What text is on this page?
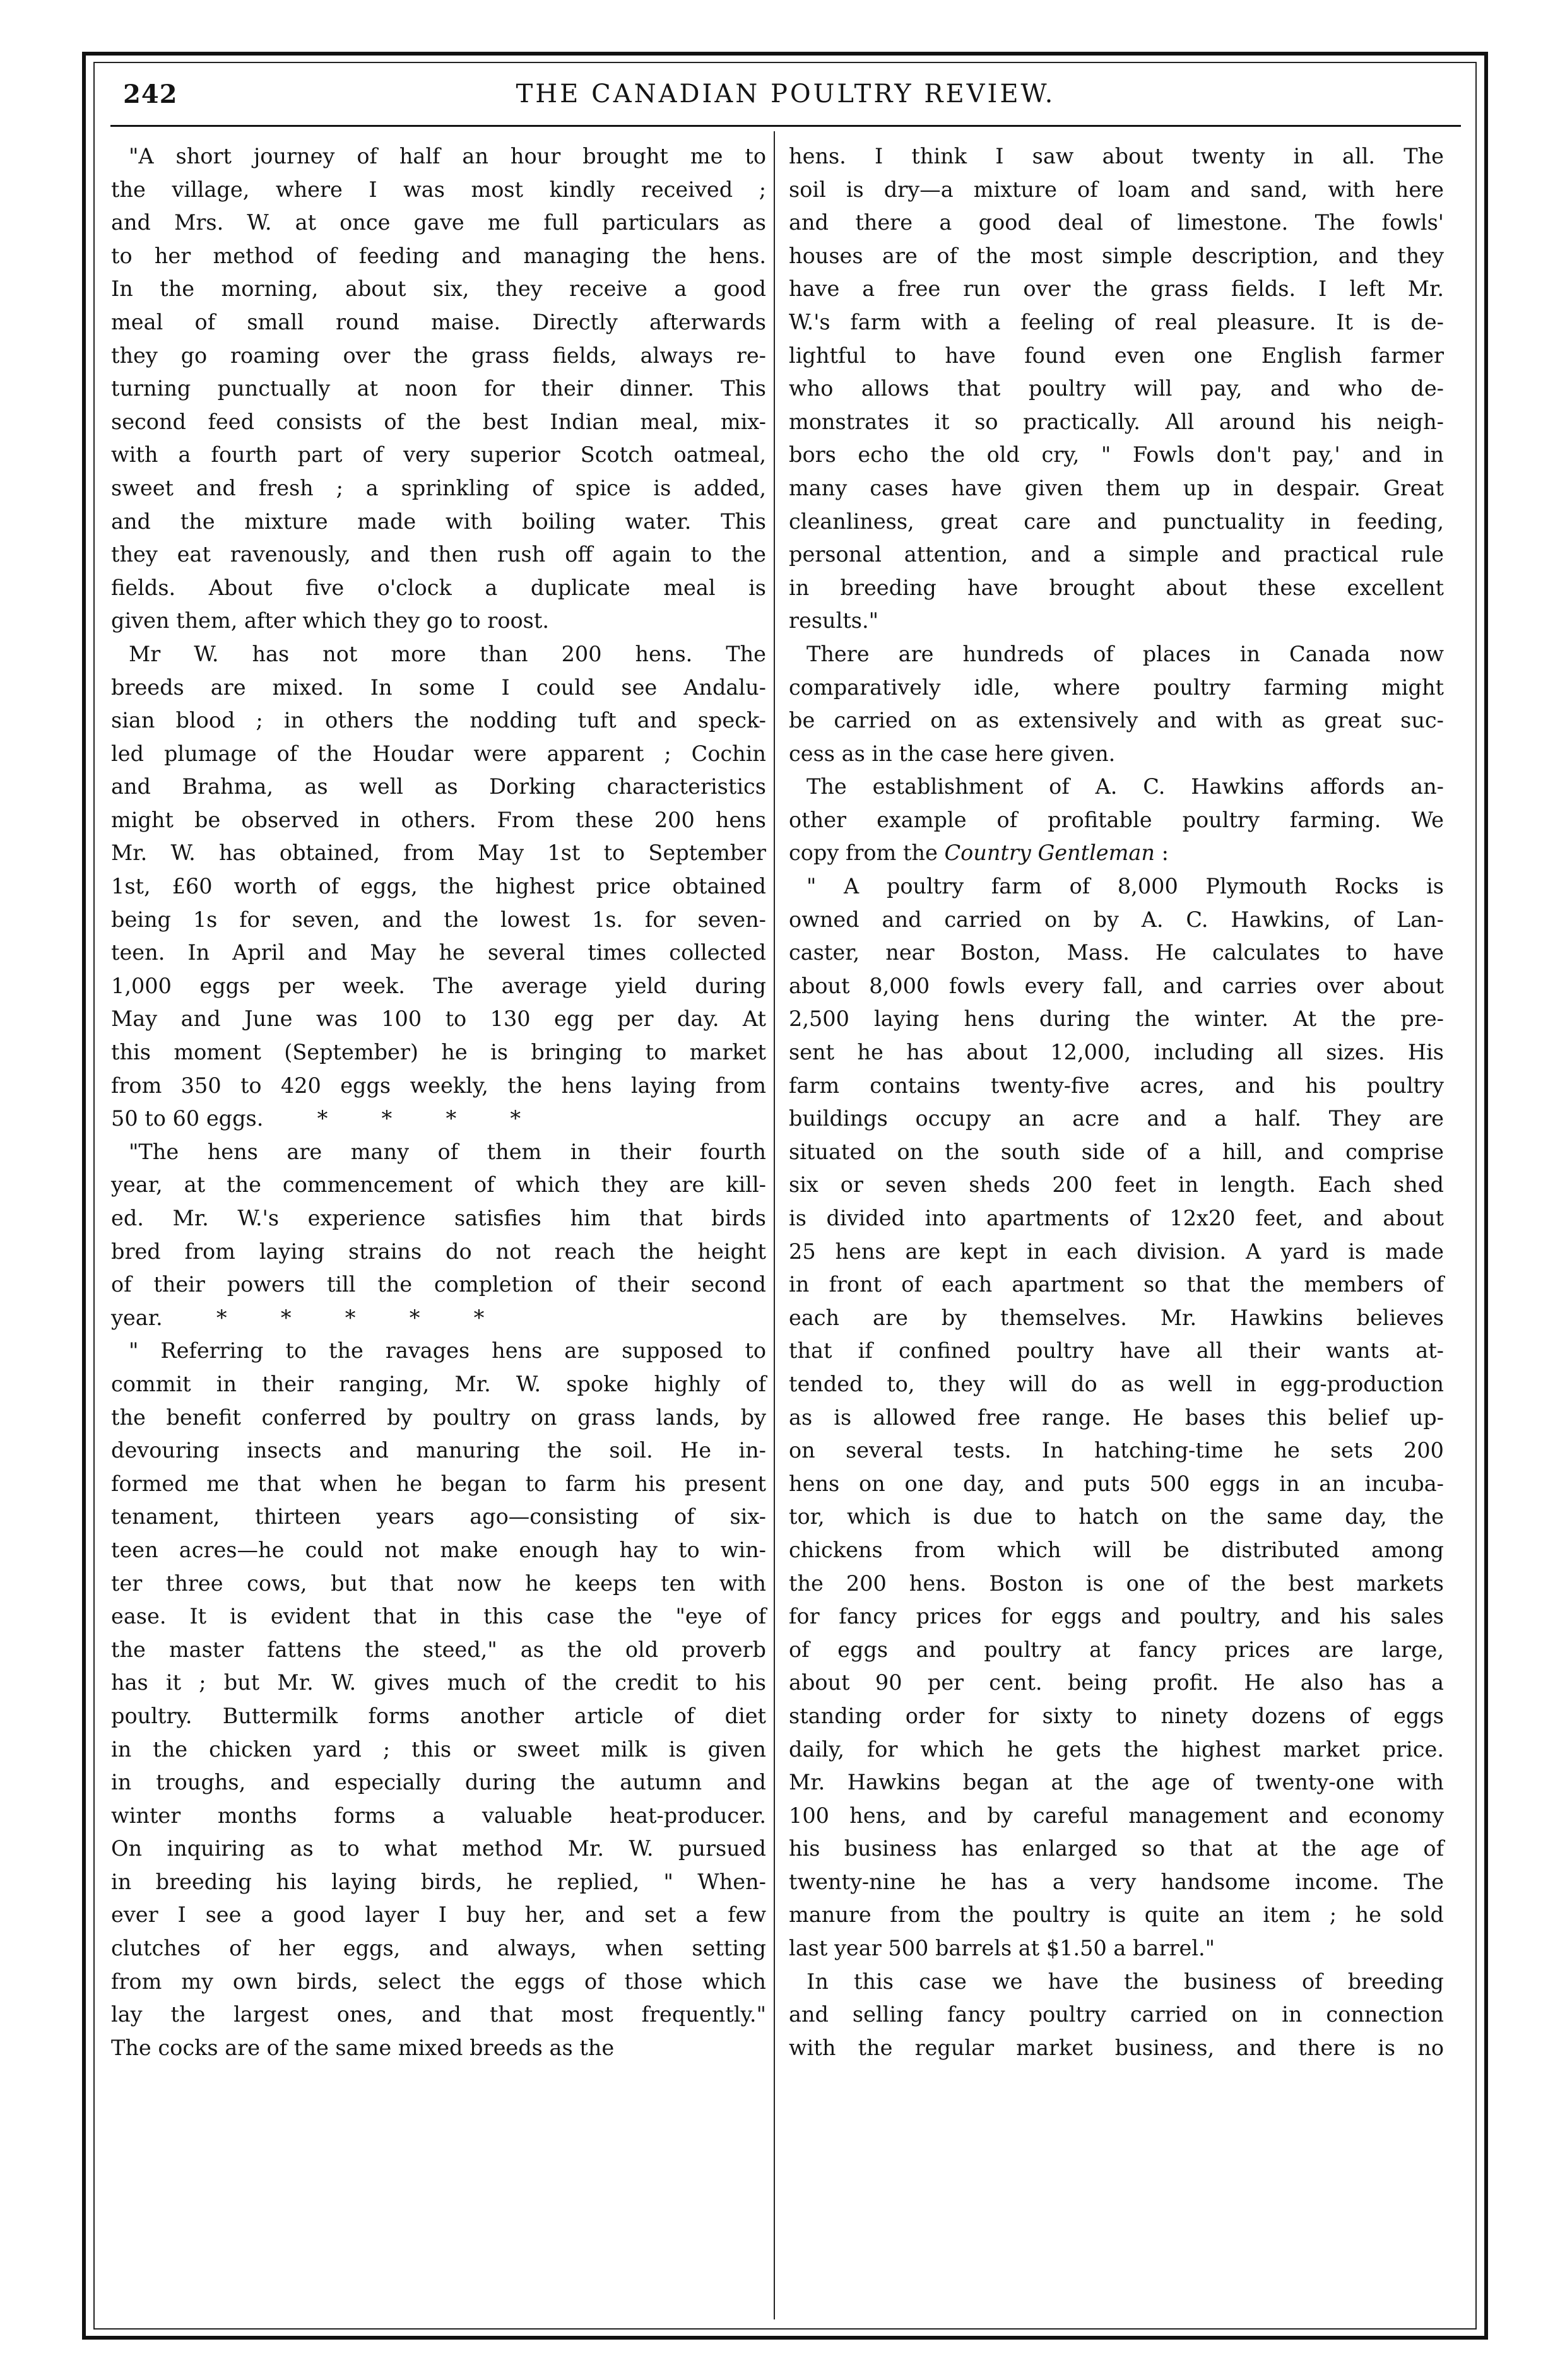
242	THE CANADIAN POULTRY REVIEW.
"A short journey of half an hour brought me to
the village, where I was most kindly received ;
and Mrs. W. at once gave me full particulars as
to her method of feeding and managing the hens.
In the morning, about six, they receive a good
meal of small round maise. Directly afterwards
they go roaming over the grass fields, always re-
turning punctually at noon for their dinner. This
second feed consists of the best Indian meal, mix-
with a fourth part of very superior Scotch oatmeal,
sweet and fresh ; a sprinkling of spice is added,
and the mixture made with boiling water. This
they eat ravenously, and then rush off again to the
fields. About five o'clock a duplicate meal is
given them, after which they go to roost.
Mr W. has not more than 200 hens. The
breeds are mixed. In some I could see Andalu-
sian blood ; in others the nodding tuft and speck-
led plumage of the Houdar were apparent ; Cochin
and Brahma, as well as Dorking characteristics
might be observed in others. From these 200 hens
Mr. W. has obtained, from May 1st to September
1st, £60 worth of eggs, the highest price obtained
being 1s for seven, and the lowest 1s. for seven-
teen. In April and May he several times collected
1,000 eggs per week. The average yield during
May and June was 100 to 130 egg per day. At
this moment (September) he is bringing to market
from 350 to 420 eggs weekly, the hens laying from
50 to 60 eggs.        *        *        *        *
"The hens are many of them in their fourth
year, at the commencement of which they are kill-
ed. Mr. W.'s experience satisfies him that birds
bred from laying strains do not reach the height
of their powers till the completion of their second
year.        *        *        *        *        *
" Referring to the ravages hens are supposed to
commit in their ranging, Mr. W. spoke highly of
the benefit conferred by poultry on grass lands, by
devouring insects and manuring the soil. He in-
formed me that when he began to farm his present
tenament, thirteen years ago—consisting of six-
teen acres—he could not make enough hay to win-
ter three cows, but that now he keeps ten with
ease. It is evident that in this case the "eye of
the master fattens the steed," as the old proverb
has it ; but Mr. W. gives much of the credit to his
poultry. Buttermilk forms another article of diet
in the chicken yard ; this or sweet milk is given
in troughs, and especially during the autumn and
winter months forms a valuable heat-producer.
On inquiring as to what method Mr. W. pursued
in breeding his laying birds, he replied, " When-
ever I see a good layer I buy her, and set a few
clutches of her eggs, and always, when setting
from my own birds, select the eggs of those which
lay the largest ones, and that most frequently."
The cocks are of the same mixed breeds as the
hens. I think I saw about twenty in all. The
soil is dry—a mixture of loam and sand, with here
and there a good deal of limestone. The fowls'
houses are of the most simple description, and they
have a free run over the grass fields. I left Mr.
W.'s farm with a feeling of real pleasure. It is de-
lightful to have found even one English farmer
who allows that poultry will pay, and who de-
monstrates it so practically. All around his neigh-
bors echo the old cry, " Fowls don't pay,' and in
many cases have given them up in despair. Great
cleanliness, great care and punctuality in feeding,
personal attention, and a simple and practical rule
in breeding have brought about these excellent
results."
There are hundreds of places in Canada now
comparatively idle, where poultry farming might
be carried on as extensively and with as great suc-
cess as in the case here given.
The establishment of A. C. Hawkins affords an-
other example of profitable poultry farming. We
copy from the Country Gentleman :
" A poultry farm of 8,000 Plymouth Rocks is
owned and carried on by A. C. Hawkins, of Lan-
caster, near Boston, Mass. He calculates to have
about 8,000 fowls every fall, and carries over about
2,500 laying hens during the winter. At the pre-
sent he has about 12,000, including all sizes. His
farm contains twenty-five acres, and his poultry
buildings occupy an acre and a half. They are
situated on the south side of a hill, and comprise
six or seven sheds 200 feet in length. Each shed
is divided into apartments of 12x20 feet, and about
25 hens are kept in each division. A yard is made
in front of each apartment so that the members of
each are by themselves. Mr. Hawkins believes
that if confined poultry have all their wants at-
tended to, they will do as well in egg-production
as is allowed free range. He bases this belief up-
on several tests. In hatching-time he sets 200
hens on one day, and puts 500 eggs in an incuba-
tor, which is due to hatch on the same day, the
chickens from which will be distributed among
the 200 hens. Boston is one of the best markets
for fancy prices for eggs and poultry, and his sales
of eggs and poultry at fancy prices are large,
about 90 per cent. being profit. He also has a
standing order for sixty to ninety dozens of eggs
daily, for which he gets the highest market price.
Mr. Hawkins began at the age of twenty-one with
100 hens, and by careful management and economy
his business has enlarged so that at the age of
twenty-nine he has a very handsome income. The
manure from the poultry is quite an item ; he sold
last year 500 barrels at $1.50 a barrel."
In this case we have the business of breeding
and selling fancy poultry carried on in connection
with the regular market business, and there is no
